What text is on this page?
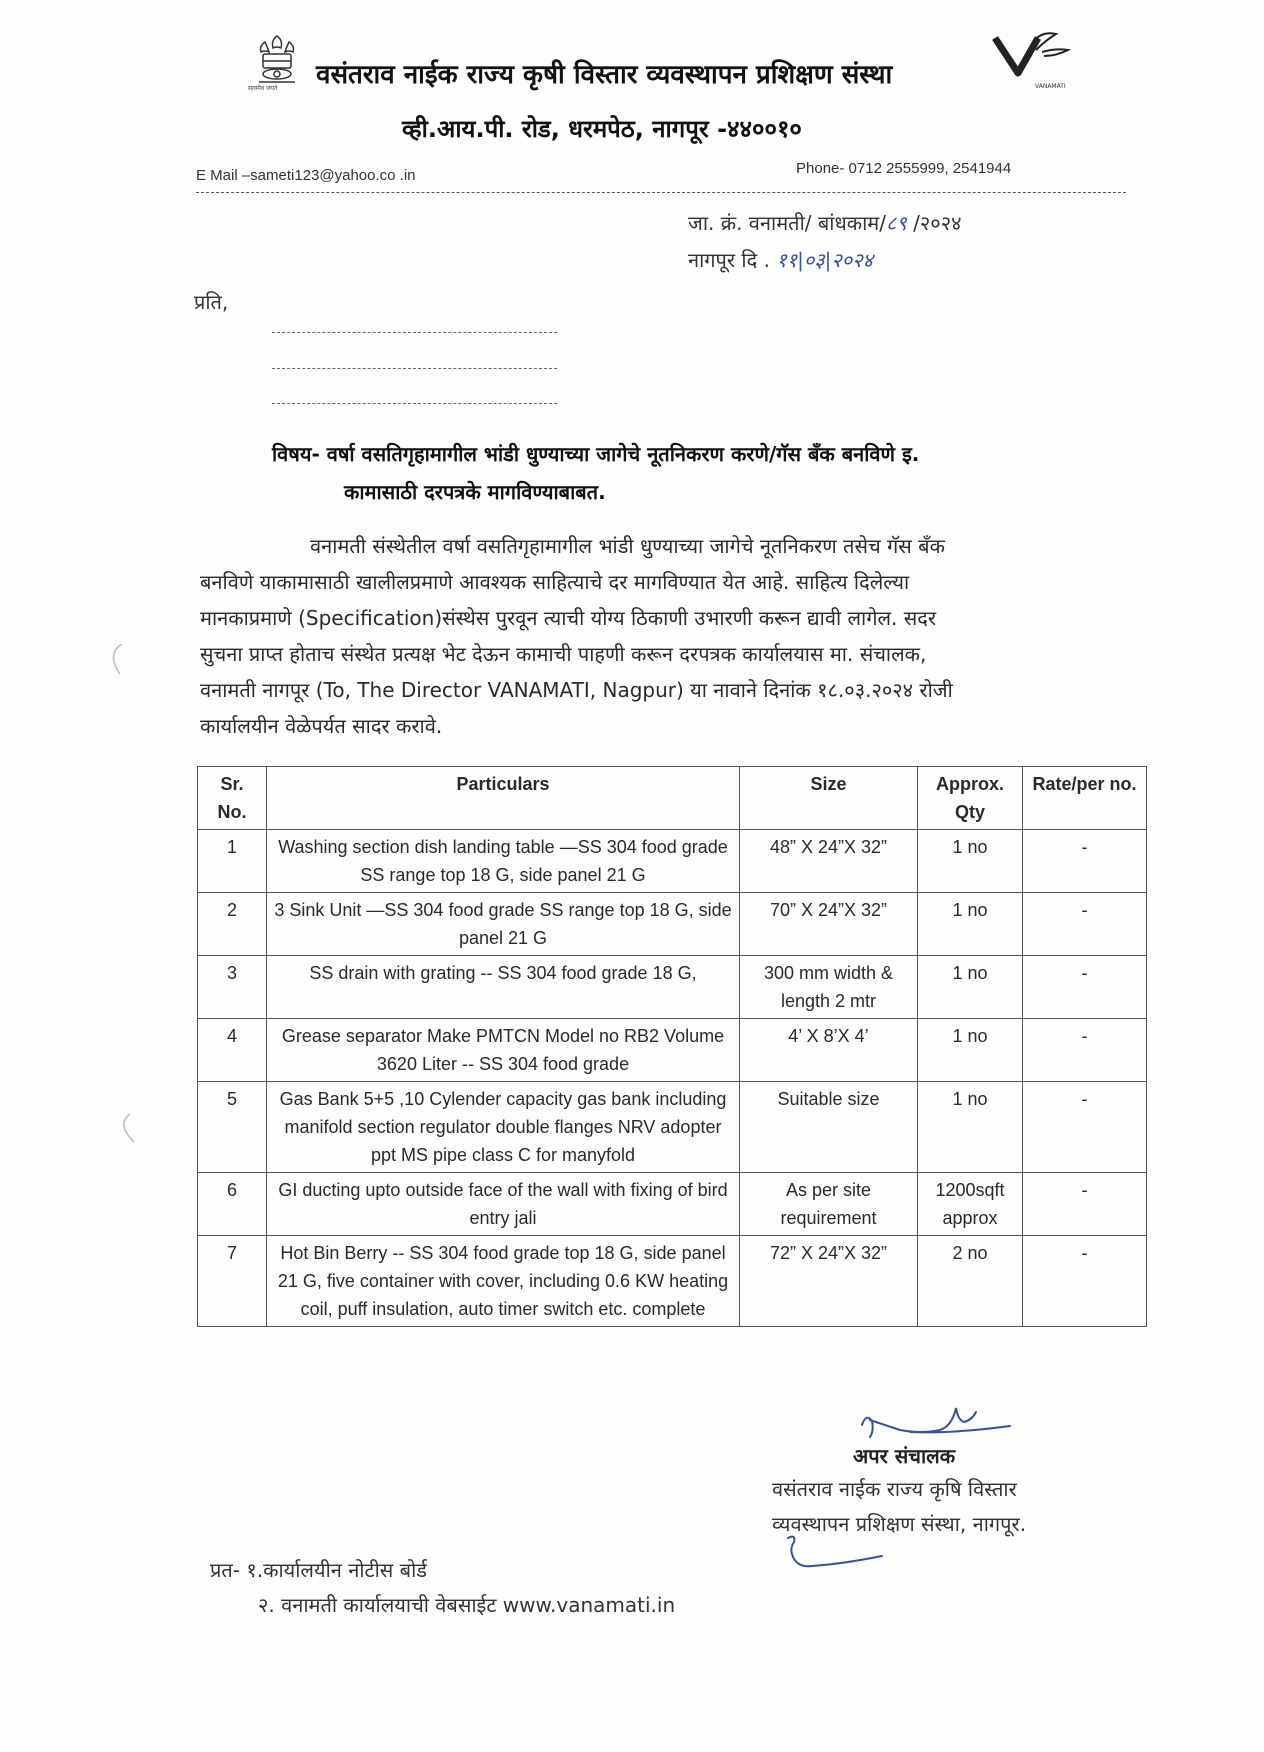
सत्यमेव जयते वसंतराव नाईक राज्य कृषी विस्तार व्यवस्थापन प्रशिक्षण संस्था	VANAMATI
व्ही.आय.पी. रोड, धरमपेठ, नागपूर -४४००१०
E Mail –sameti123@yahoo.co .in	Phone- 0712 2555999, 2541944
जा. क्रं. वनामती/ बांधकाम/८९ /२०२४
नागपूर दि . ११|०३|२०२४
प्रति,
विषय- वर्षा वसतिगृहामागील भांडी धुण्याच्या जागेचे नूतनिकरण करणे/गॅस बँक बनविणे इ.
कामासाठी दरपत्रके मागविण्याबाबत.
वनामती संस्थेतील वर्षा वसतिगृहामागील भांडी धुण्याच्या जागेचे नूतनिकरण तसेच गॅस बँक
बनविणे याकामासाठी खालीलप्रमाणे आवश्यक साहित्याचे दर मागविण्यात येत आहे. साहित्य दिलेल्या
मानकाप्रमाणे (Specification)संस्थेस पुरवून त्याची योग्य ठिकाणी उभारणी करून द्यावी लागेल. सदर
सुचना प्राप्त होताच संस्थेत प्रत्यक्ष भेट देऊन कामाची पाहणी करून दरपत्रक कार्यालयास मा. संचालक,
वनामती नागपूर (To, The Director VANAMATI, Nagpur) या नावाने दिनांक १८.०३.२०२४ रोजी
कार्यालयीन वेळेपर्यत सादर करावे.
Sr. No.	Particulars	Size	Approx. Qty	Rate/per no.
1	Washing section dish landing table —SS 304 food grade SS range top 18 G, side panel 21 G	48” X 24”X 32”	1 no	-
2	3 Sink Unit —SS 304 food grade SS range top 18 G, side panel 21 G	70” X 24”X 32”	1 no	-
3	SS drain with grating -- SS 304 food grade 18 G,	300 mm width & length 2 mtr	1 no	-
4	Grease separator Make PMTCN Model no RB2 Volume 3620 Liter -- SS 304 food grade	4’ X 8’X 4’	1 no	-
5	Gas Bank 5+5 ,10 Cylender capacity gas bank including manifold section regulator double flanges NRV adopter ppt MS pipe class C for manyfold	Suitable size	1 no	-
6	GI ducting upto outside face of the wall with fixing of bird entry jali	As per site requirement	1200sqft approx	-
7	Hot Bin Berry -- SS 304 food grade top 18 G, side panel 21 G, five container with cover, including 0.6 KW heating coil, puff insulation, auto timer switch etc. complete	72” X 24”X 32”	2 no	-
अपर संचालक
वसंतराव नाईक राज्य कृषि विस्तार
व्यवस्थापन प्रशिक्षण संस्था, नागपूर.
प्रत- १.कार्यालयीन नोटीस बोर्ड
२. वनामती कार्यालयाची वेबसाईट www.vanamati.in
